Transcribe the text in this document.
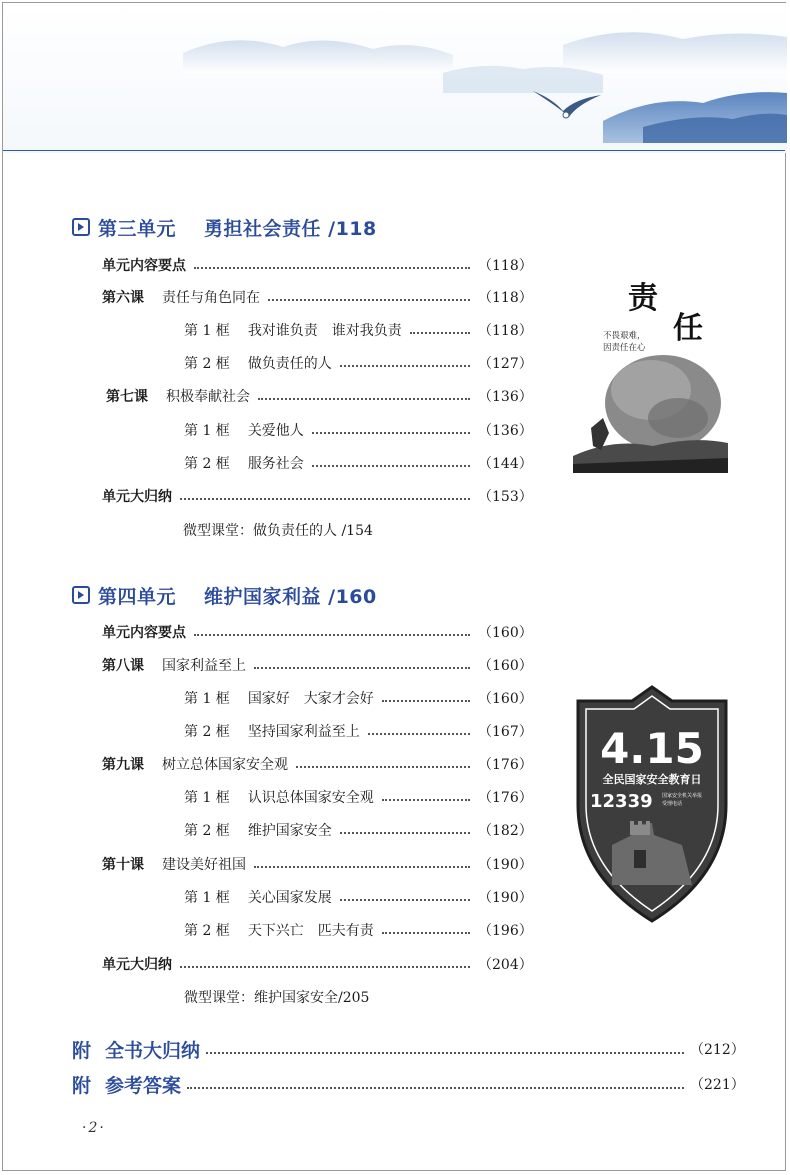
第三单元 勇担社会责任 /118
单元内容要点	（118）
第六课 责任与角色同在	（118）
第 1 框 我对谁负责　谁对我负责	（118）
第 2 框 做负责任的人	（127）
第七课 积极奉献社会	（136）
第 1 框 关爱他人	（136）
第 2 框 服务社会	（144）
单元大归纳	（153）
微型课堂：做负责任的人 /154
第四单元 维护国家利益 /160
单元内容要点	（160）
第八课 国家利益至上	（160）
第 1 框 国家好　大家才会好	（160）
第 2 框 坚持国家利益至上	（167）
第九课 树立总体国家安全观	（176）
第 1 框 认识总体国家安全观	（176）
第 2 框 维护国家安全	（182）
第十课 建设美好祖国	（190）
第 1 框 关心国家发展	（190）
第 2 框 天下兴亡　匹夫有责	（196）
单元大归纳	（204）
微型课堂：维护国家安全/205
附 全书大归纳	（212）
附 参考答案	（221）
· 2 ·
责
任
不畏艰难，
因责任在心
4.15
全民国家安全教育日
12339 国家安全机关举报
受理电话
